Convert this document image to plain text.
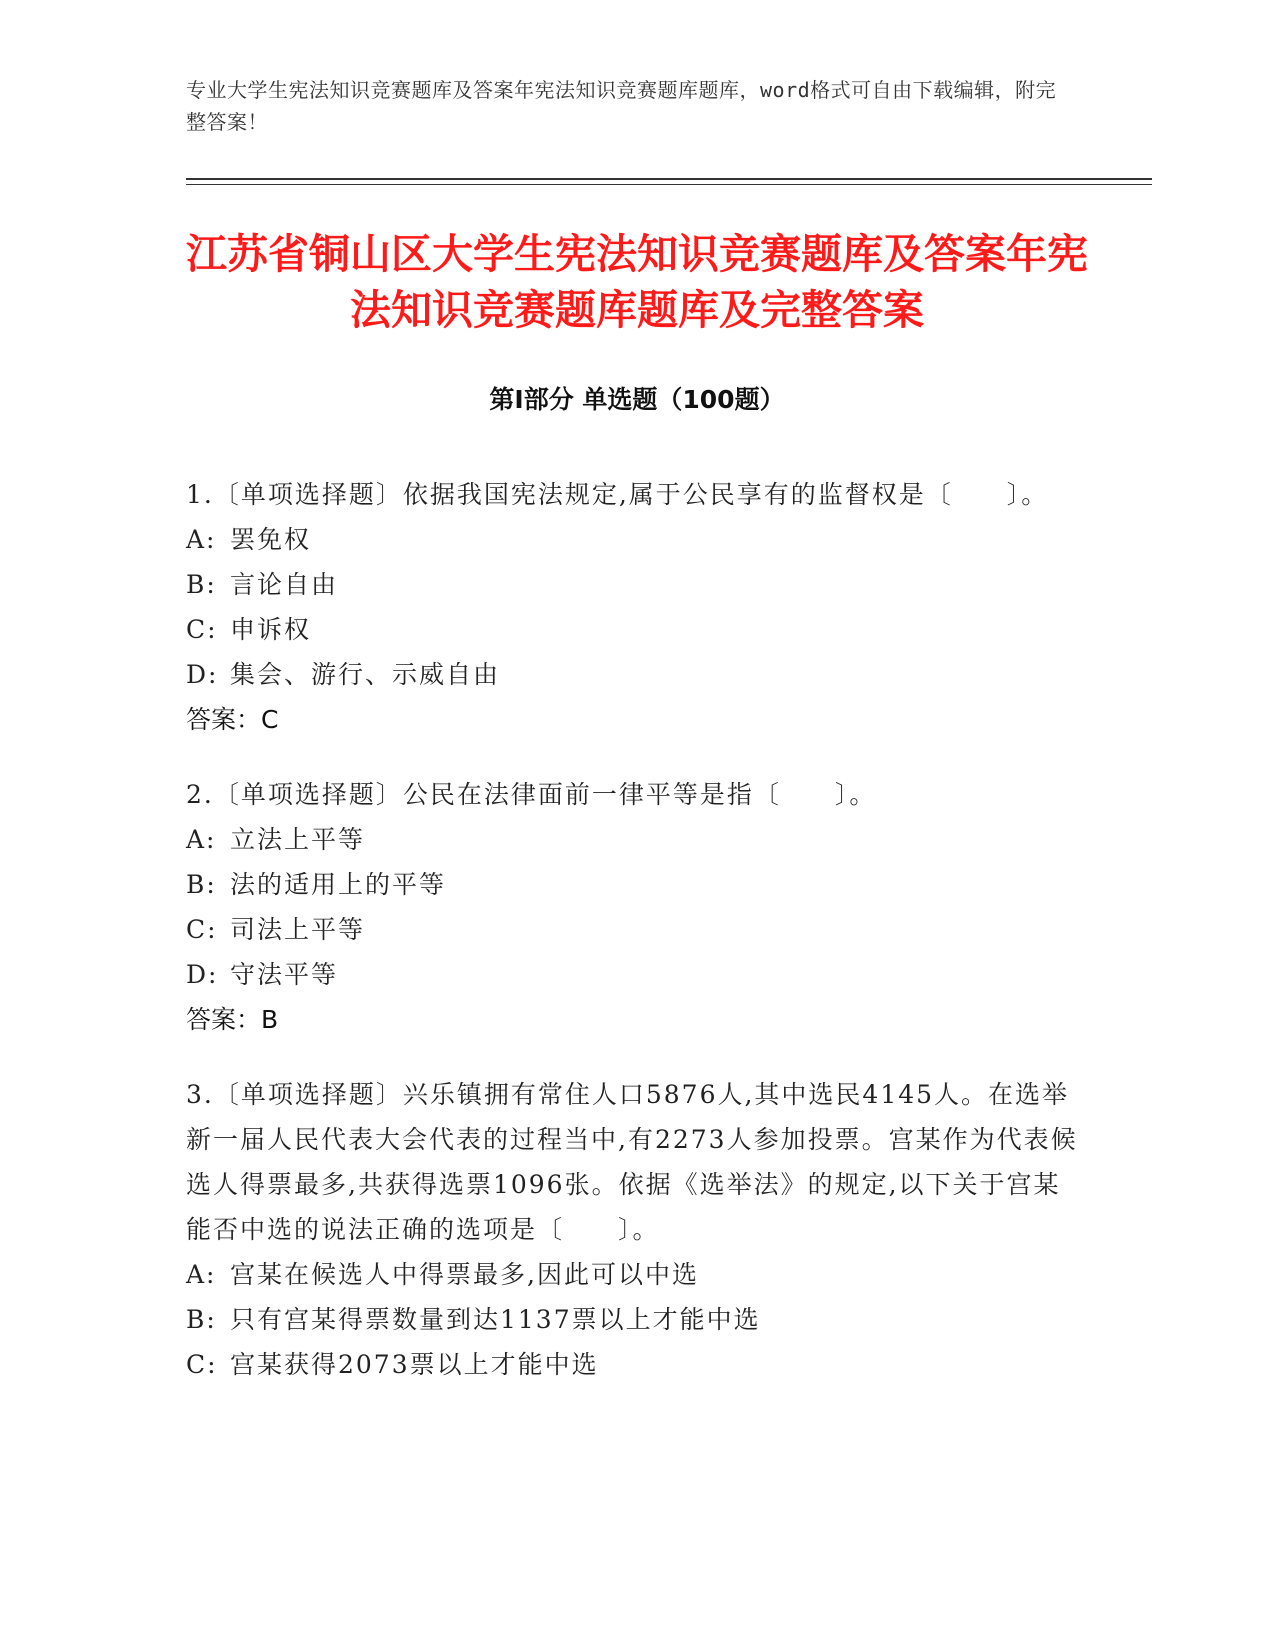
专业大学生宪法知识竞赛题库及答案年宪法知识竞赛题库题库，word格式可自由下载编辑，附完整答案！
江苏省铜山区大学生宪法知识竞赛题库及答案年宪法知识竞赛题库题库及完整答案
第Ⅰ部分 单选题（100题）

1.〔单项选择题〕依据我国宪法规定,属于公民享有的监督权是〔　　〕。

A: 罢免权

B: 言论自由

C: 申诉权

D: 集会、游行、示威自由

答案：C

2.〔单项选择题〕公民在法律面前一律平等是指〔　　〕。

A: 立法上平等

B: 法的适用上的平等

C: 司法上平等

D: 守法平等

答案：B

3.〔单项选择题〕兴乐镇拥有常住人口5876人,其中选民4145人。在选举新一届人民代表大会代表的过程当中,有2273人参加投票。宫某作为代表候选人得票最多,共获得选票1096张。依据《选举法》的规定,以下关于宫某能否中选的说法正确的选项是〔　　〕。

A: 宫某在候选人中得票最多,因此可以中选

B: 只有宫某得票数量到达1137票以上才能中选

C: 宫某获得2073票以上才能中选
